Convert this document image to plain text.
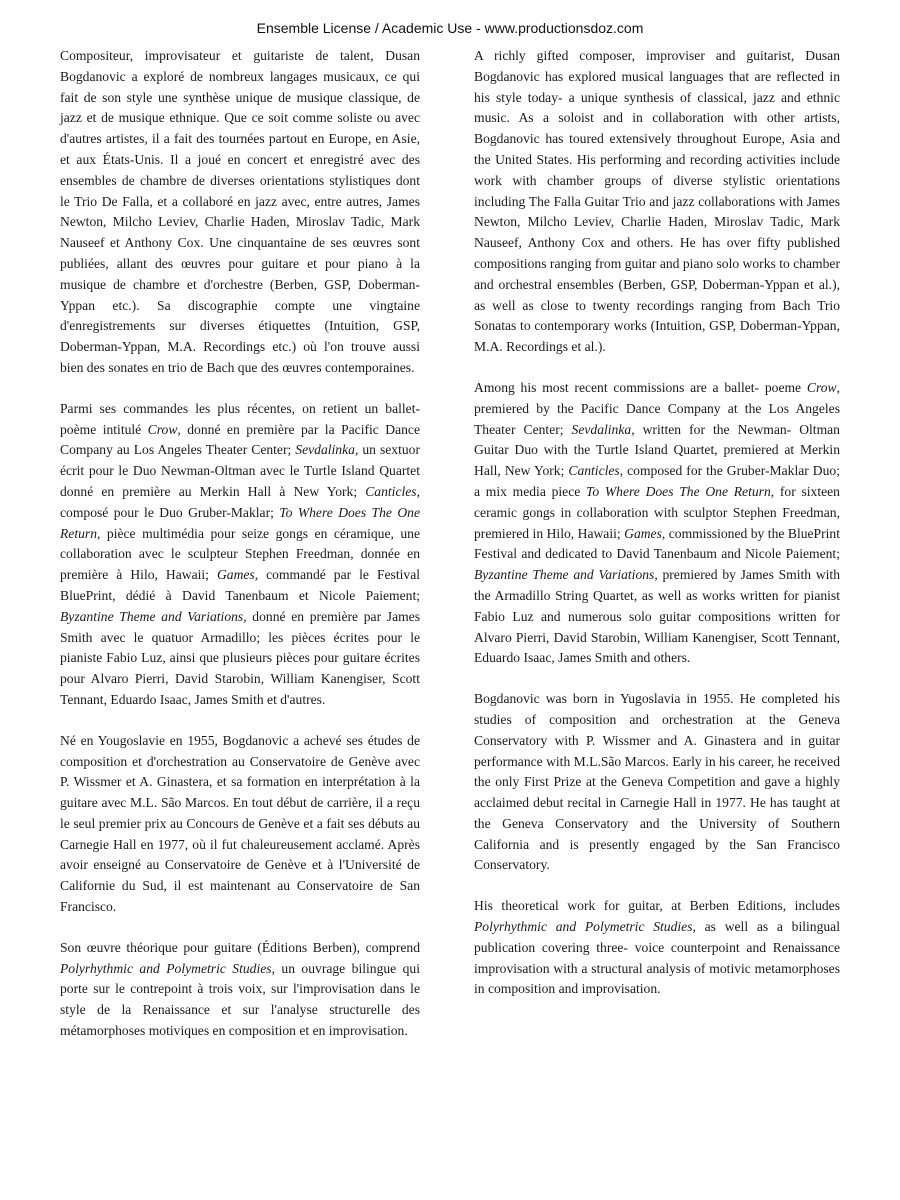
Ensemble License / Academic Use - www.productionsdoz.com

Compositeur, improvisateur et guitariste de talent, Dusan Bogdanovic a exploré de nombreux langages musicaux, ce qui fait de son style une synthèse unique de musique classique, de jazz et de musique ethnique. Que ce soit comme soliste ou avec d'autres artistes, il a fait des tournées partout en Europe, en Asie, et aux États-Unis. Il a joué en concert et enregistré avec des ensembles de chambre de diverses orientations stylistiques dont le Trio De Falla, et a collaboré en jazz avec, entre autres, James Newton, Milcho Leviev, Charlie Haden, Miroslav Tadic, Mark Nauseef et Anthony Cox. Une cinquantaine de ses œuvres sont publiées, allant des œuvres pour guitare et pour piano à la musique de chambre et d'orchestre (Berben, GSP, Doberman-Yppan etc.). Sa discographie compte une vingtaine d'enregistrements sur diverses étiquettes (Intuition, GSP, Doberman-Yppan, M.A. Recordings etc.) où l'on trouve aussi bien des sonates en trio de Bach que des œuvres contemporaines.

Parmi ses commandes les plus récentes, on retient un ballet-poème intitulé Crow, donné en première par la Pacific Dance Company au Los Angeles Theater Center; Sevdalinka, un sextuor écrit pour le Duo Newman-Oltman avec le Turtle Island Quartet donné en première au Merkin Hall à New York; Canticles, composé pour le Duo Gruber-Maklar; To Where Does The One Return, pièce multimédia pour seize gongs en céramique, une collaboration avec le sculpteur Stephen Freedman, donnée en première à Hilo, Hawaii; Games, commandé par le Festival BluePrint, dédié à David Tanenbaum et Nicole Paiement; Byzantine Theme and Variations, donné en première par James Smith avec le quatuor Armadillo; les pièces écrites pour le pianiste Fabio Luz, ainsi que plusieurs pièces pour guitare écrites pour Alvaro Pierri, David Starobin, William Kanengiser, Scott Tennant, Eduardo Isaac, James Smith et d'autres.

Né en Yougoslavie en 1955, Bogdanovic a achevé ses études de composition et d'orchestration au Conservatoire de Genève avec P. Wissmer et A. Ginastera, et sa formation en interprétation à la guitare avec M.L. São Marcos. En tout début de carrière, il a reçu le seul premier prix au Concours de Genève et a fait ses débuts au Carnegie Hall en 1977, où il fut chaleureusement acclamé. Après avoir enseigné au Conservatoire de Genève et à l'Université de Californie du Sud, il est maintenant au Conservatoire de San Francisco.

Son œuvre théorique pour guitare (Éditions Berben), comprend Polyrhythmic and Polymetric Studies, un ouvrage bilingue qui porte sur le contrepoint à trois voix, sur l'improvisation dans le style de la Renaissance et sur l'analyse structurelle des métamorphoses motiviques en composition et en improvisation.

A richly gifted composer, improviser and guitarist, Dusan Bogdanovic has explored musical languages that are reflected in his style today- a unique synthesis of classical, jazz and ethnic music. As a soloist and in collaboration with other artists, Bogdanovic has toured extensively throughout Europe, Asia and the United States. His performing and recording activities include work with chamber groups of diverse stylistic orientations including The Falla Guitar Trio and jazz collaborations with James Newton, Milcho Leviev, Charlie Haden, Miroslav Tadic, Mark Nauseef, Anthony Cox and others. He has over fifty published compositions ranging from guitar and piano solo works to chamber and orchestral ensembles (Berben, GSP, Doberman-Yppan et al.), as well as close to twenty recordings ranging from Bach Trio Sonatas to contemporary works (Intuition, GSP, Doberman-Yppan, M.A. Recordings et al.).

Among his most recent commissions are a ballet- poeme Crow, premiered by the Pacific Dance Company at the Los Angeles Theater Center; Sevdalinka, written for the Newman- Oltman Guitar Duo with the Turtle Island Quartet, premiered at Merkin Hall, New York; Canticles, composed for the Gruber-Maklar Duo; a mix media piece To Where Does The One Return, for sixteen ceramic gongs in collaboration with sculptor Stephen Freedman, premiered in Hilo, Hawaii; Games, commissioned by the BluePrint Festival and dedicated to David Tanenbaum and Nicole Paiement; Byzantine Theme and Variations, premiered by James Smith with the Armadillo String Quartet, as well as works written for pianist Fabio Luz and numerous solo guitar compositions written for Alvaro Pierri, David Starobin, William Kanengiser, Scott Tennant, Eduardo Isaac, James Smith and others.

Bogdanovic was born in Yugoslavia in 1955. He completed his studies of composition and orchestration at the Geneva Conservatory with P. Wissmer and A. Ginastera and in guitar performance with M.L.São Marcos. Early in his career, he received the only First Prize at the Geneva Competition and gave a highly acclaimed debut recital in Carnegie Hall in 1977. He has taught at the Geneva Conservatory and the University of Southern California and is presently engaged by the San Francisco Conservatory.

His theoretical work for guitar, at Berben Editions, includes Polyrhythmic and Polymetric Studies, as well as a bilingual publication covering three- voice counterpoint and Renaissance improvisation with a structural analysis of motivic metamorphoses in composition and improvisation.
